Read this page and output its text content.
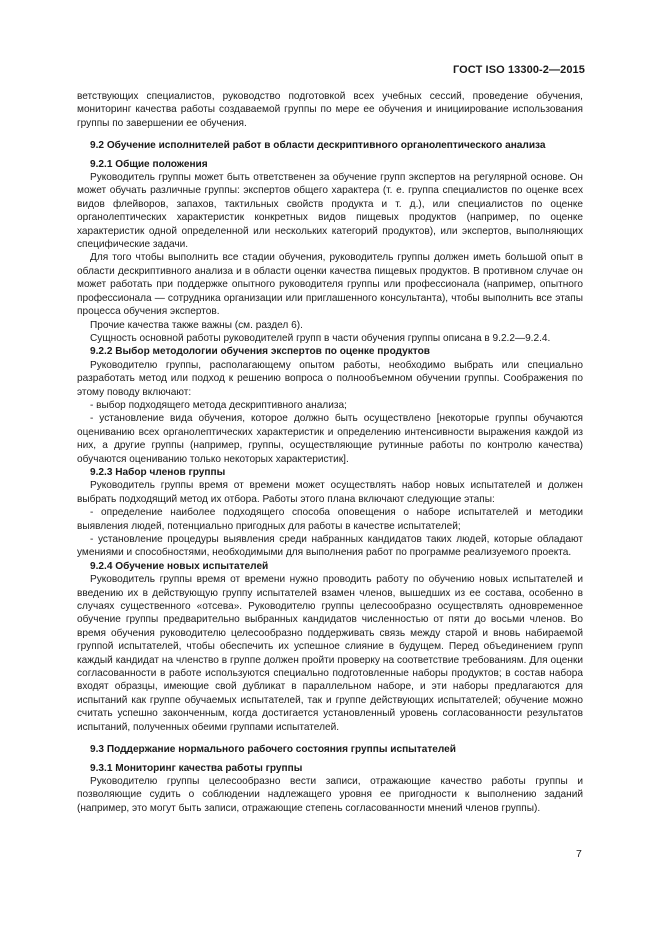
ГОСТ ISO 13300-2—2015

ветствующих специалистов, руководство подготовкой всех учебных сессий, проведение обучения, мониторинг качества работы создаваемой группы по мере ее обучения и инициирование использования группы по завершении ее обучения.

9.2 Обучение исполнителей работ в области дескриптивного органолептического анализа

9.2.1 Общие положения

Руководитель группы может быть ответственен за обучение групп экспертов на регулярной основе. Он может обучать различные группы: экспертов общего характера (т. е. группа специалистов по оценке всех видов флейворов, запахов, тактильных свойств продукта и т. д.), или специалистов по оценке органолептических характеристик конкретных видов пищевых продуктов (например, по оценке характеристик одной определенной или нескольких категорий продуктов), или экспертов, выполняющих специфические задачи.

Для того чтобы выполнить все стадии обучения, руководитель группы должен иметь большой опыт в области дескриптивного анализа и в области оценки качества пищевых продуктов. В противном случае он может работать при поддержке опытного руководителя группы или профессионала (например, опытного профессионала — сотрудника организации или приглашенного консультанта), чтобы выполнить все этапы процесса обучения экспертов.

Прочие качества также важны (см. раздел 6).

Сущность основной работы руководителей групп в части обучения группы описана в 9.2.2—9.2.4.

9.2.2 Выбор методологии обучения экспертов по оценке продуктов

Руководителю группы, располагающему опытом работы, необходимо выбрать или специально разработать метод или подход к решению вопроса о полнообъемном обучении группы. Соображения по этому поводу включают:

- выбор подходящего метода дескриптивного анализа;

- установление вида обучения, которое должно быть осуществлено [некоторые группы обучаются оцениванию всех органолептических характеристик и определению интенсивности выражения каждой из них, а другие группы (например, группы, осуществляющие рутинные работы по контролю качества) обучаются оцениванию только некоторых характеристик].

9.2.3 Набор членов группы

Руководитель группы время от времени может осуществлять набор новых испытателей и должен выбрать подходящий метод их отбора. Работы этого плана включают следующие этапы:

- определение наиболее подходящего способа оповещения о наборе испытателей и методики выявления людей, потенциально пригодных для работы в качестве испытателей;

- установление процедуры выявления среди набранных кандидатов таких людей, которые обладают умениями и способностями, необходимыми для выполнения работ по программе реализуемого проекта.

9.2.4 Обучение новых испытателей

Руководитель группы время от времени нужно проводить работу по обучению новых испытателей и введению их в действующую группу испытателей взамен членов, вышедших из ее состава, особенно в случаях существенного «отсева». Руководителю группы целесообразно осуществлять одновременное обучение группы предварительно выбранных кандидатов численностью от пяти до восьми членов. Во время обучения руководителю целесообразно поддерживать связь между старой и вновь набираемой группой испытателей, чтобы обеспечить их успешное слияние в будущем. Перед объединением групп каждый кандидат на членство в группе должен пройти проверку на соответствие требованиям. Для оценки согласованности в работе используются специально подготовленные наборы продуктов; в состав набора входят образцы, имеющие свой дубликат в параллельном наборе, и эти наборы предлагаются для испытаний как группе обучаемых испытателей, так и группе действующих испытателей; обучение можно считать успешно законченным, когда достигается установленный уровень согласованности результатов испытаний, полученных обеими группами испытателей.

9.3 Поддержание нормального рабочего состояния группы испытателей

9.3.1 Мониторинг качества работы группы

Руководителю группы целесообразно вести записи, отражающие качество работы группы и позволяющие судить о соблюдении надлежащего уровня ее пригодности к выполнению заданий (например, это могут быть записи, отражающие степень согласованности мнений членов группы).

7
